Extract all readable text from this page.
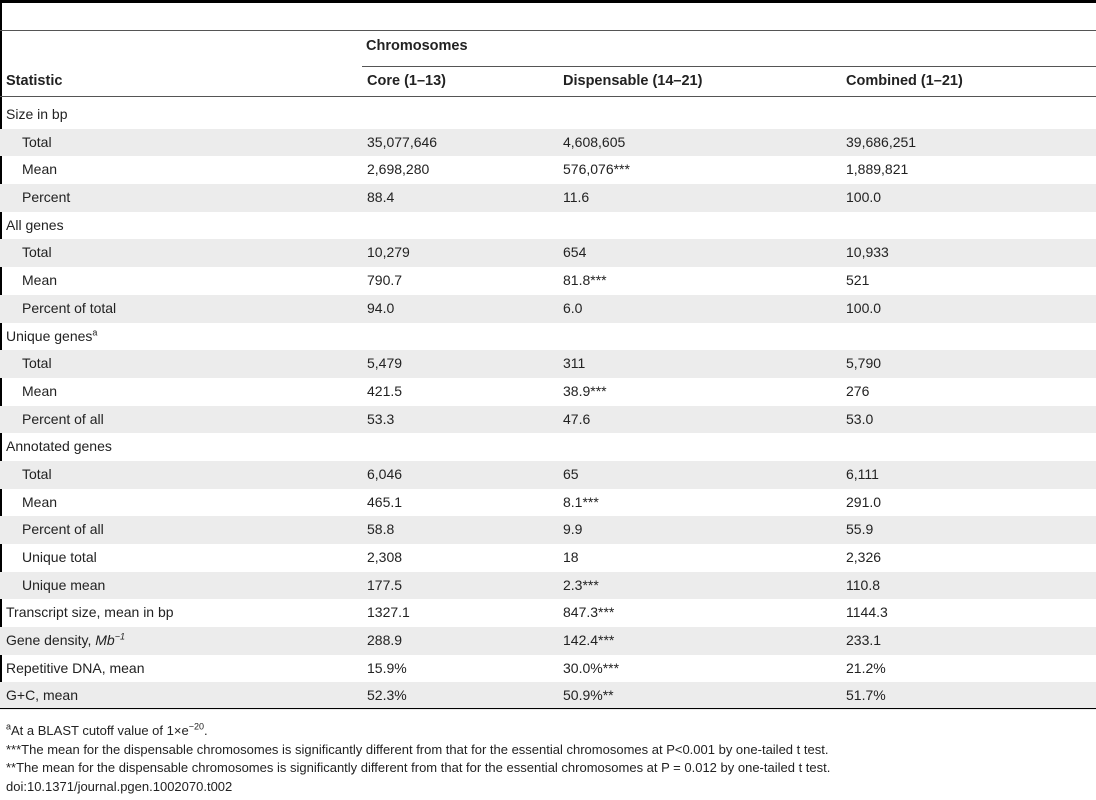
Chromosomes
Statistic	Core (1–13)	Dispensable (14–21)	Combined (1–21)
Size in bp
Total	35,077,646	4,608,605	39,686,251
Mean	2,698,280	576,076***	1,889,821
Percent	88.4	11.6	100.0
All genes
Total	10,279	654	10,933
Mean	790.7	81.8***	521
Percent of total	94.0	6.0	100.0
Unique genes$^a$
Total	5,479	311	5,790
Mean	421.5	38.9***	276
Percent of all	53.3	47.6	53.0
Annotated genes
Total	6,046	65	6,111
Mean	465.1	8.1***	291.0
Percent of all	58.8	9.9	55.9
Unique total	2,308	18	2,326
Unique mean	177.5	2.3***	110.8
Transcript size, mean in bp	1327.1	847.3***	1144.3
Gene density, $Mb^{-1}$	288.9	142.4***	233.1
Repetitive DNA, mean	15.9%	30.0%***	21.2%
G+C, mean	52.3%	50.9%**	51.7%
$^a$At a BLAST cutoff value of $1\times e^{-20}$.
***The mean for the dispensable chromosomes is significantly different from that for the essential chromosomes at P<0.001 by one-tailed t test.
**The mean for the dispensable chromosomes is significantly different from that for the essential chromosomes at P = 0.012 by one-tailed t test.
doi:10.1371/journal.pgen.1002070.t002
